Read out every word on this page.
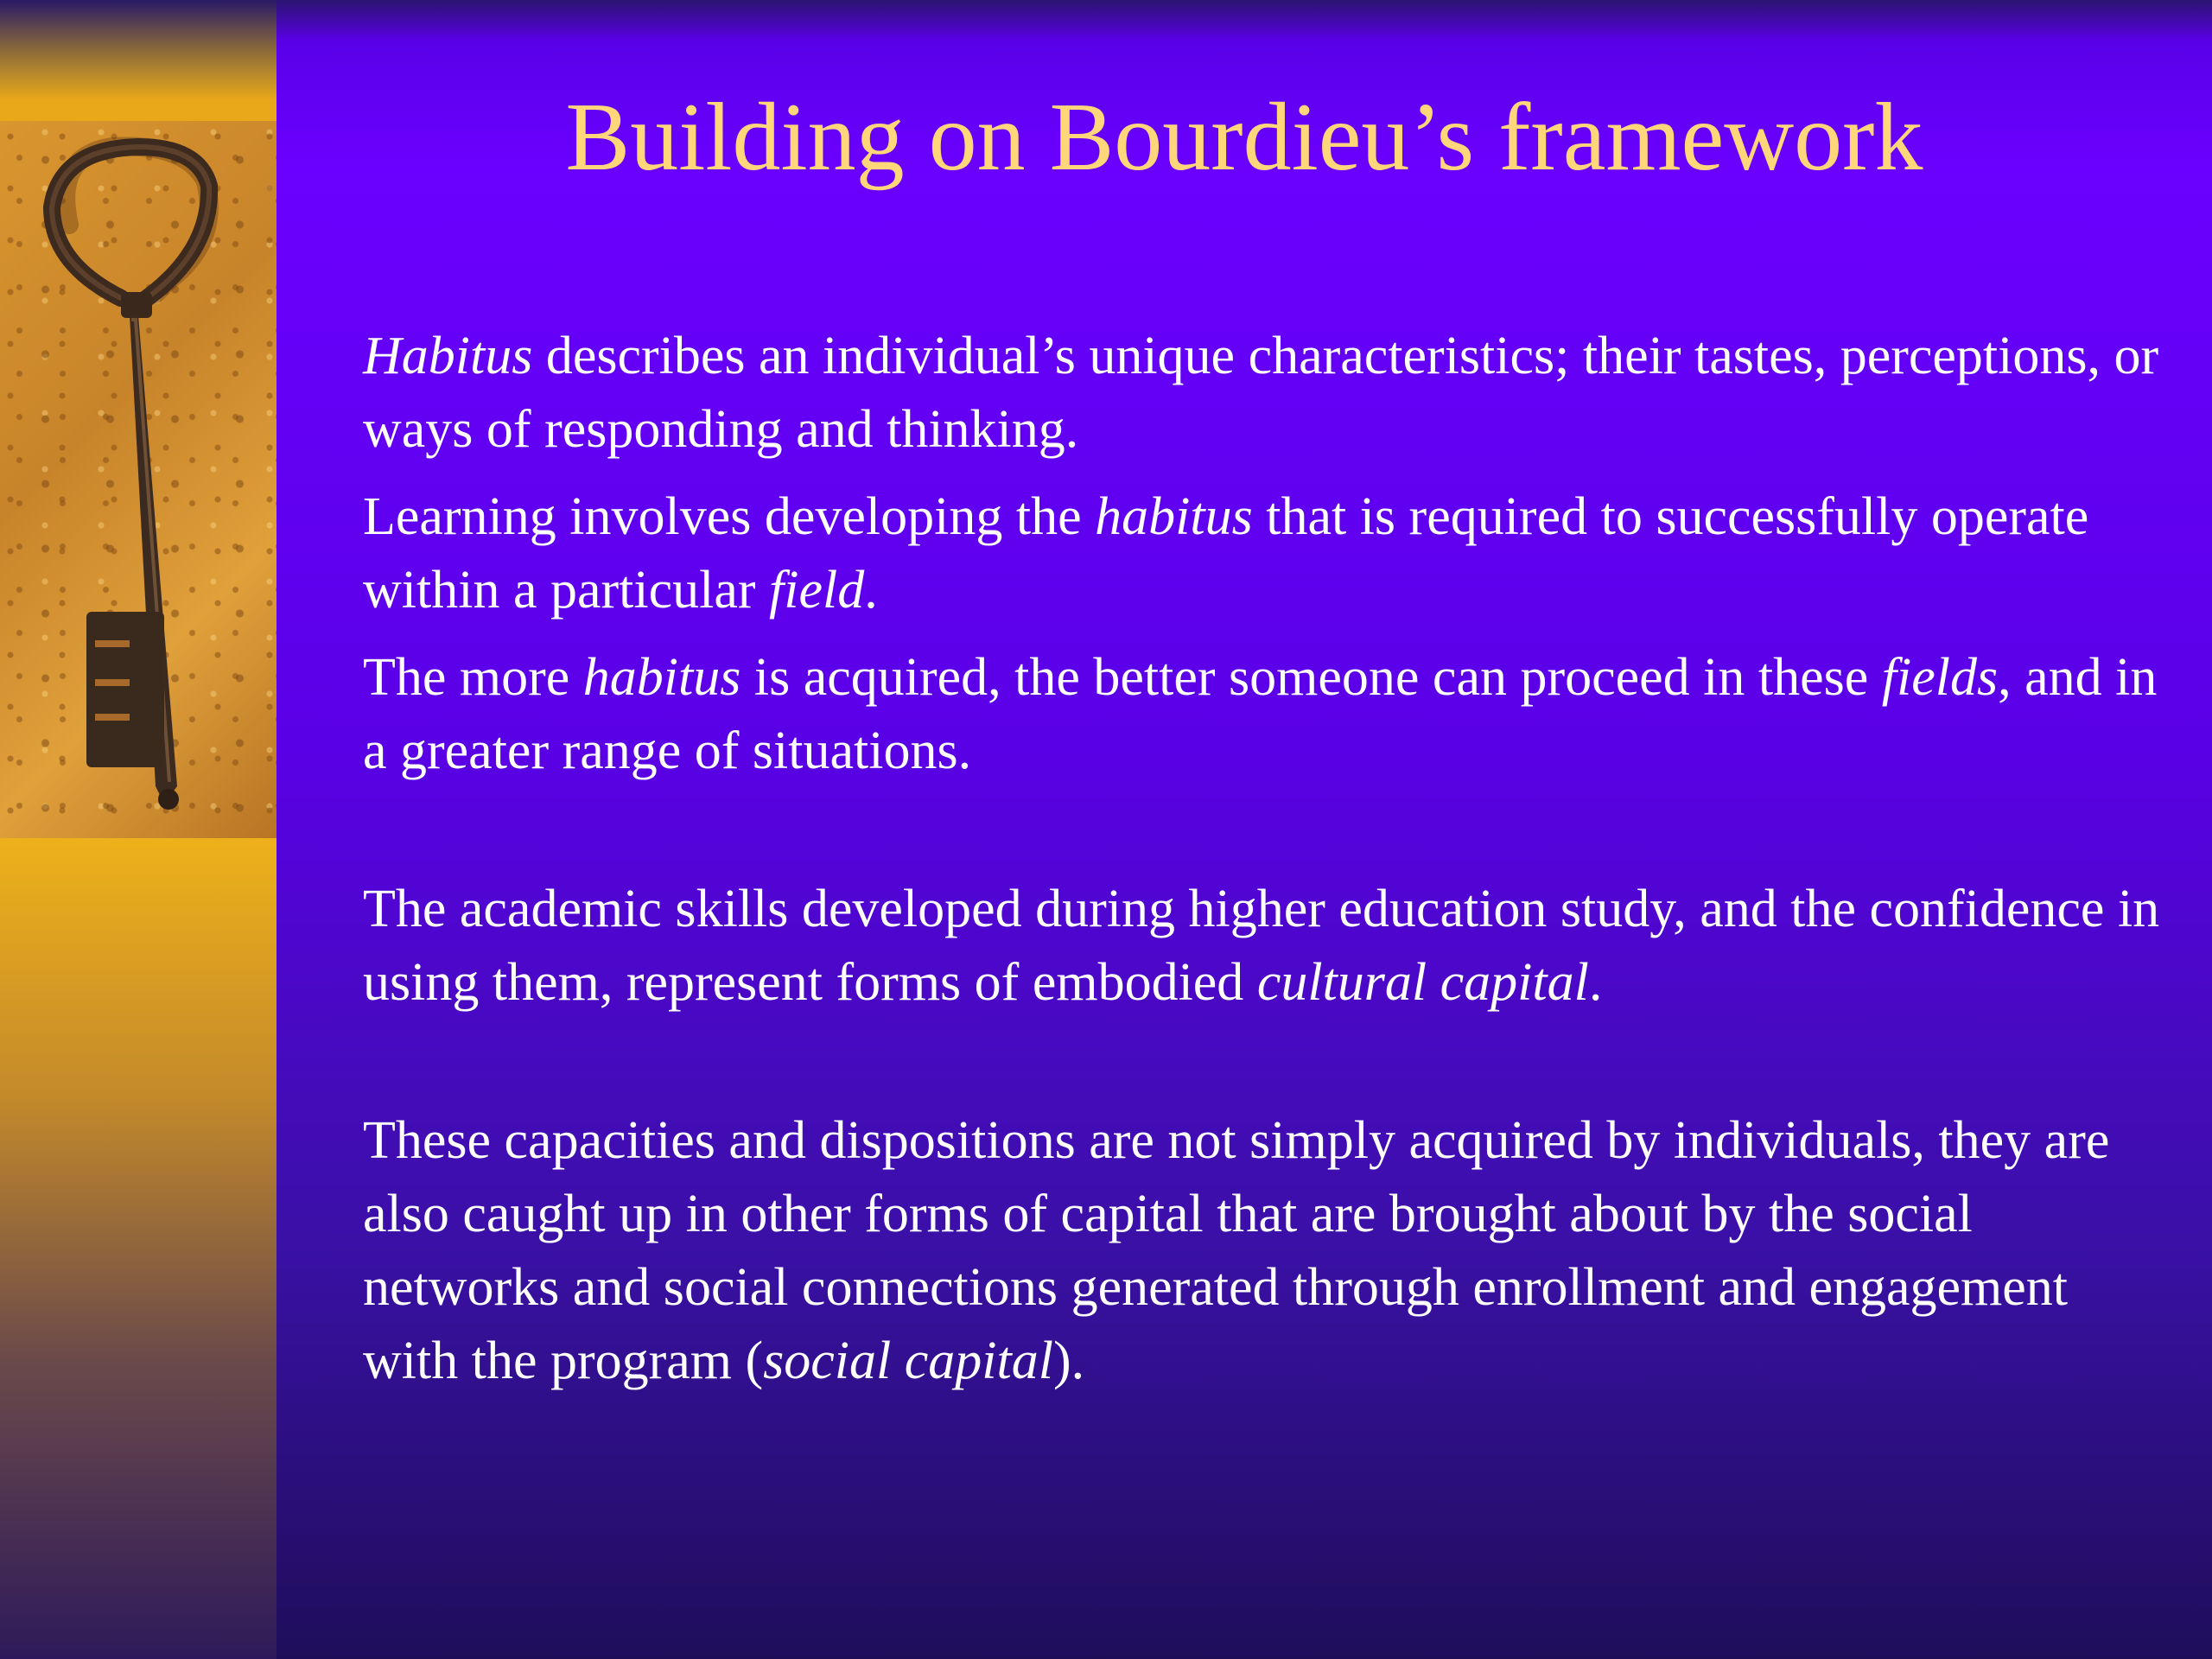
Building on Bourdieu’s framework

Habitus describes an individual’s unique characteristics; their tastes, perceptions, or ways of responding and thinking.

Learning involves developing the habitus that is required to successfully operate within a particular field.

The more habitus is acquired, the better someone can proceed in these fields, and in a greater range of situations.

The academic skills developed during higher education study, and the confidence in using them, represent forms of embodied cultural capital.

These capacities and dispositions are not simply acquired by individuals, they are also caught up in other forms of capital that are brought about by the social networks and social connections generated through enrollment and engagement with the program (social capital).
